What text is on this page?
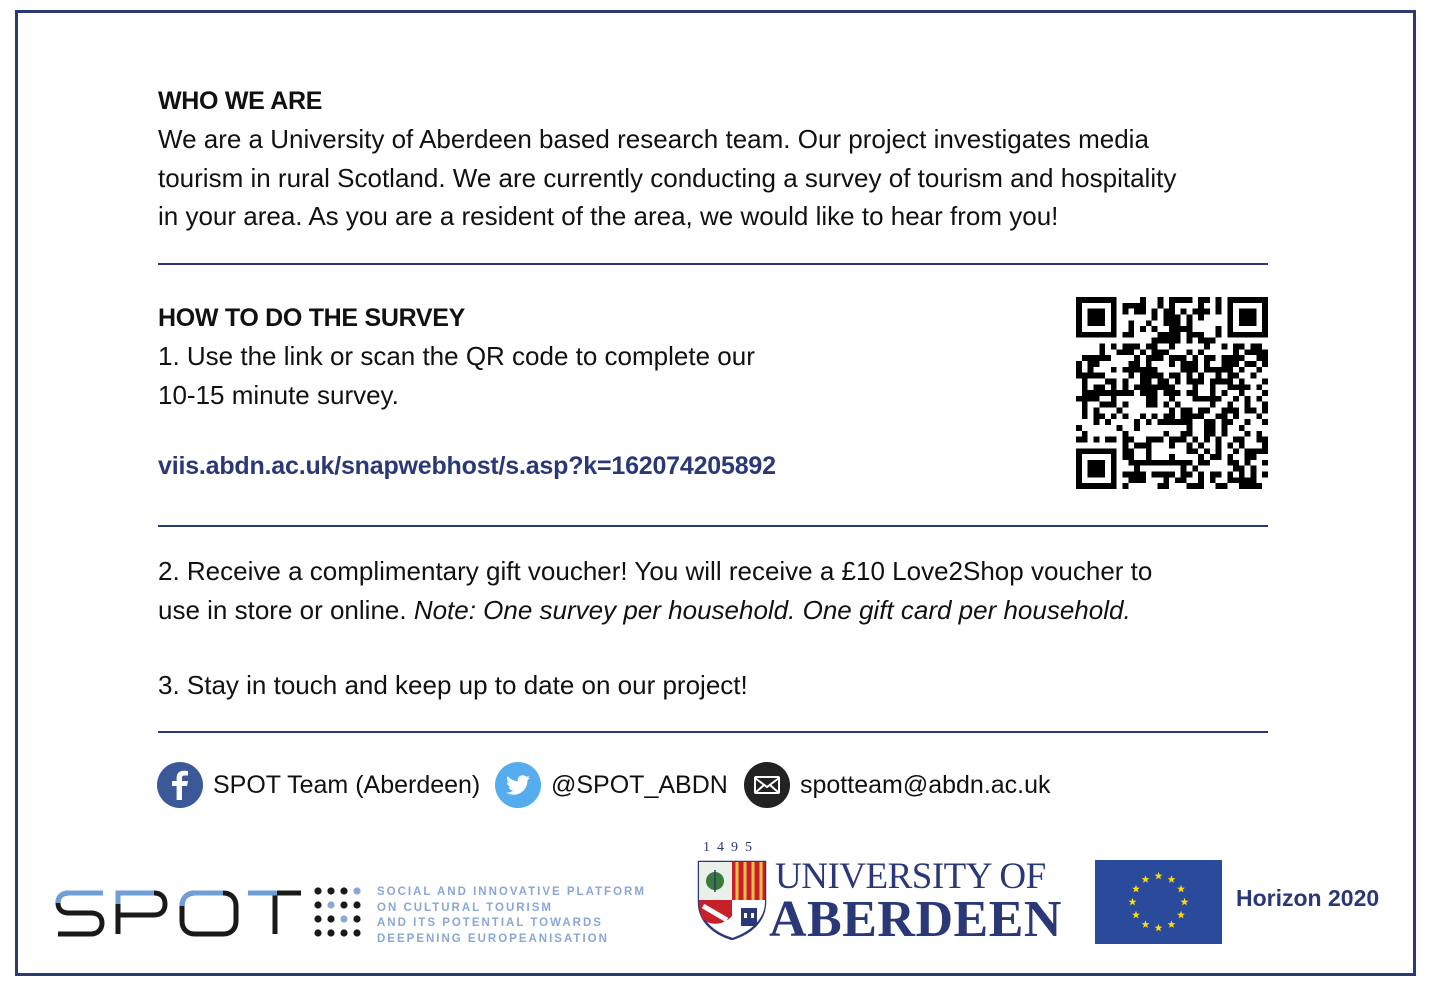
WHO WE ARE
We are a University of Aberdeen based research team. Our project investigates media
tourism in rural Scotland. We are currently conducting a survey of tourism and hospitality
in your area. As you are a resident of the area, we would like to hear from you!
HOW TO DO THE SURVEY
1. Use the link or scan the QR code to complete our
10-15 minute survey.
viis.abdn.ac.uk/snapwebhost/s.asp?k=162074205892
2. Receive a complimentary gift voucher! You will receive a £10 Love2Shop voucher to
use in store or online. Note: One survey per household. One gift card per household.
3. Stay in touch and keep up to date on our project!
SPOT Team (Aberdeen)	@SPOT_ABDN	spotteam@abdn.ac.uk
SOCIAL AND INNOVATIVE PLATFORM
ON CULTURAL TOURISM
AND ITS POTENTIAL TOWARDS
DEEPENING EUROPEANISATION
1495
UNIVERSITY OF
ABERDEEN	Horizon 2020
